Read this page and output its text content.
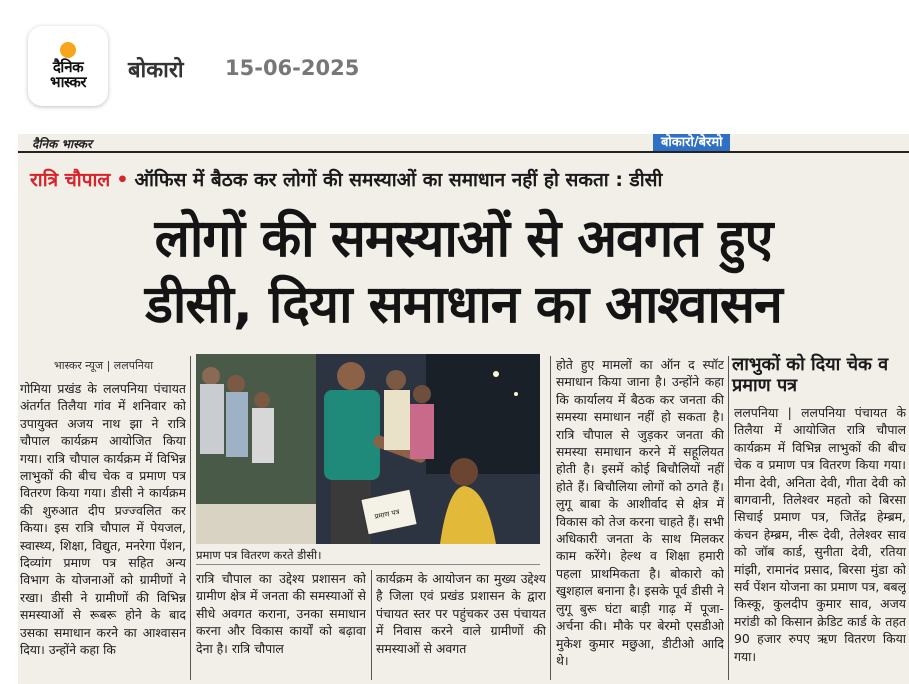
दैनिक
भास्कर बोकारो 15-06-2025
दैनिक भास्कर	बोकारो/बेरमो
रात्रि चौपाल • ऑफिस में बैठक कर लोगों की समस्याओं का समाधान नहीं हो सकता : डीसी
लोगों की समस्याओं से अवगत हुए
डीसी, दिया समाधान का आश्वासन
भास्कर न्यूज | ललपनिया
गोमिया प्रखंड के ललपनिया पंचायत अंतर्गत तिलैया गांव में शनिवार को उपायुक्त अजय नाथ झा ने रात्रि चौपाल कार्यक्रम आयोजित किया गया। रात्रि चौपाल कार्यक्रम में विभिन्न लाभुकों की बीच चेक व प्रमाण पत्र वितरण किया गया। डीसी ने कार्यक्रम की शुरुआत दीप प्रज्ज्वलित कर किया। इस रात्रि चौपाल में पेयजल, स्वास्थ्य, शिक्षा, विद्युत, मनरेगा पेंशन, दिव्यांग प्रमाण पत्र सहित अन्य विभाग के योजनाओं को ग्रामीणों ने रखा। डीसी ने ग्रामीणों की विभिन्न समस्याओं से रूबरू होने के बाद उसका समाधान करने का आश्वासन दिया। उन्होंने कहा कि
प्रमाण पत्र
प्रमाण पत्र वितरण करते डीसी।
रात्रि चौपाल का उद्देश्य प्रशासन को ग्रामीण क्षेत्र में जनता की समस्याओं से सीधे अवगत कराना, उनका समाधान करना और विकास कार्यों को बढ़ावा देना है। रात्रि चौपाल
कार्यक्रम के आयोजन का मुख्य उद्देश्य है जिला एवं प्रखंड प्रशासन के द्वारा पंचायत स्तर पर पहुंचकर उस पंचायत में निवास करने वाले ग्रामीणों की समस्याओं से अवगत
होते हुए मामलों का ऑन द स्पॉट समाधान किया जाना है। उन्होंने कहा कि कार्यालय में बैठक कर जनता की समस्या समाधान नहीं हो सकता है। रात्रि चौपाल से जुड़कर जनता की समस्या समाधान करने में सहूलियत होती है। इसमें कोई बिचौलियों नहीं होते हैं। बिचौलिया लोगों को ठगते हैं। लुगू बाबा के आशीर्वाद से क्षेत्र में विकास को तेज करना चाहते हैं। सभी अधिकारी जनता के साथ मिलकर काम करेंगे। हेल्थ व शिक्षा हमारी पहला प्राथमिकता है। बोकारो को खुशहाल बनाना है। इसके पूर्व डीसी ने लुगू बुरू घंटा बाड़ी गाढ़ में पूजा-अर्चना की। मौके पर बेरमो एसडीओ मुकेश कुमार मछुआ, डीटीओ आदि थे।
लाभुकों को दिया चेक व प्रमाण पत्र
ललपनिया | ललपनिया पंचायत के तिलैया में आयोजित रात्रि चौपाल कार्यक्रम में विभिन्न लाभुकों की बीच चेक व प्रमाण पत्र वितरण किया गया। मीना देवी, अनिता देवी, गीता देवी को बागवानी, तिलेश्वर महतो को बिरसा सिचाई प्रमाण पत्र, जितेंद्र हेम्ब्रम, कंचन हेम्ब्रम, नीरू देवी, तेलेश्वर साव को जॉब कार्ड, सुनीता देवी, रतिया मांझी, रामानंद प्रसाद, बिरसा मुंडा को सर्व पेंशन योजना का प्रमाण पत्र, बबलू किस्कू, कुलदीप कुमार साव, अजय मरांडी को किसान क्रेडिट कार्ड के तहत 90 हजार रुपए ऋण वितरण किया गया।
